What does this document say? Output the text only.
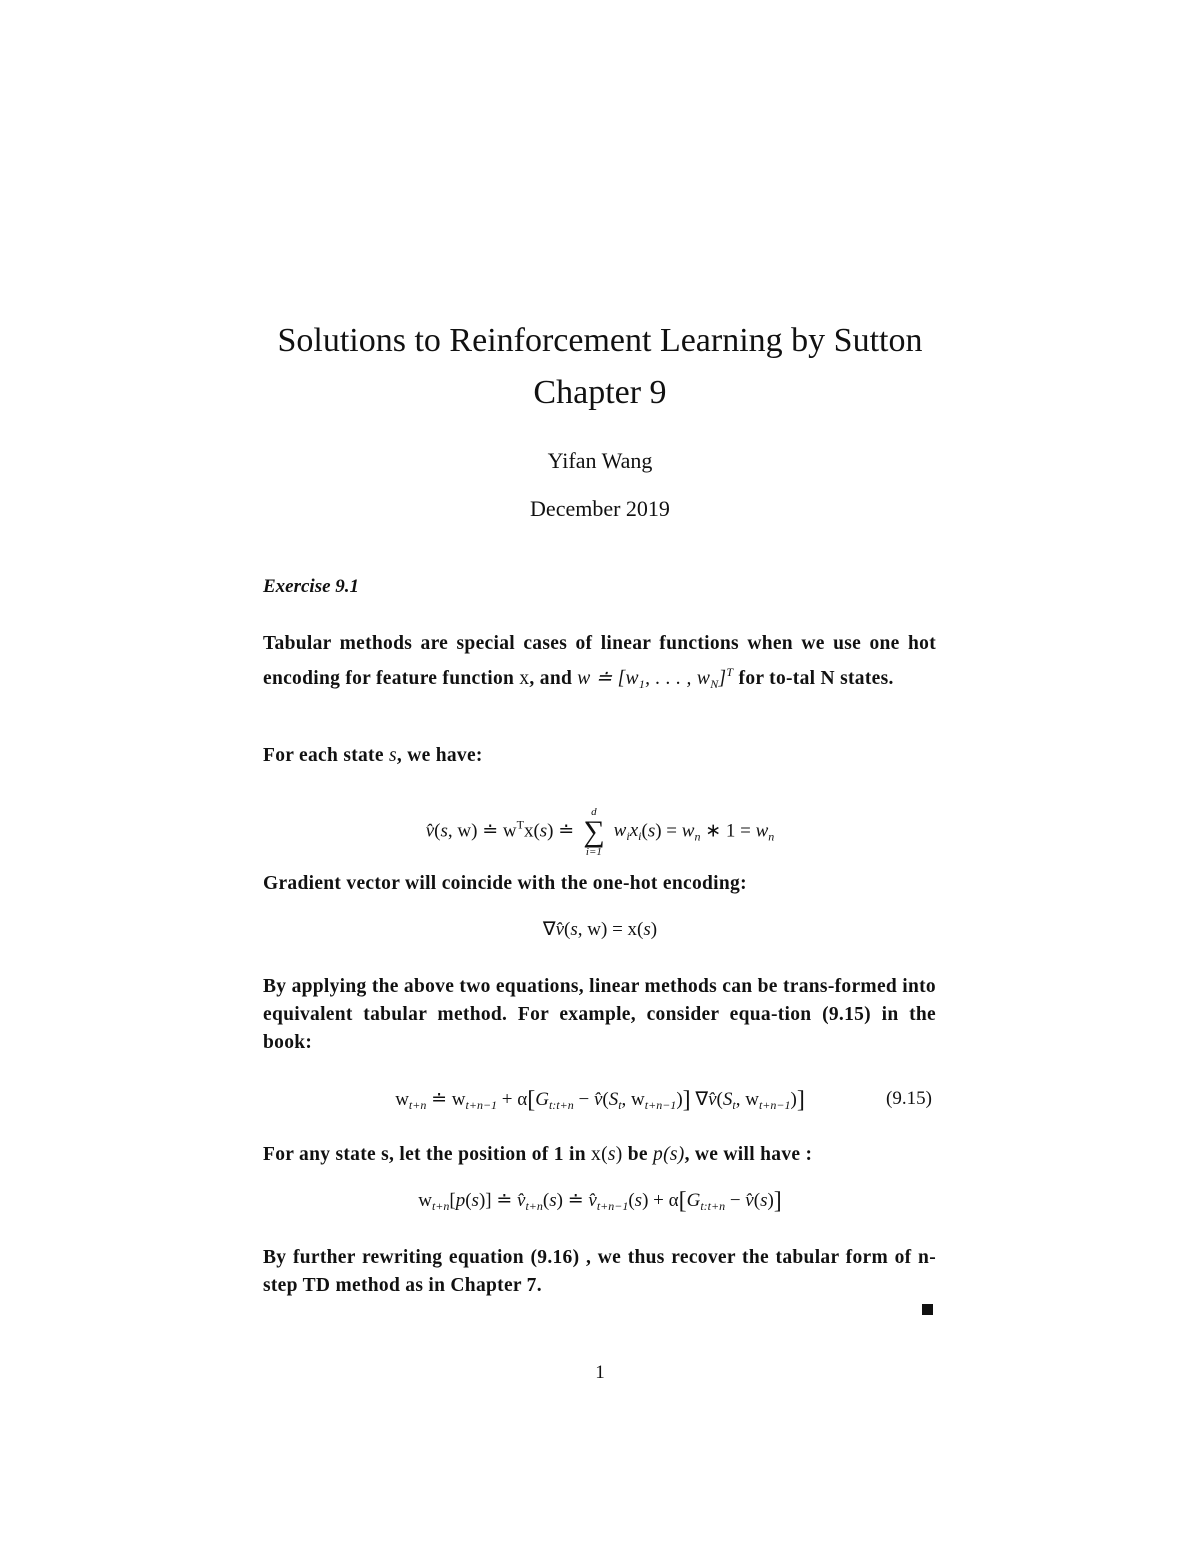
Solutions to Reinforcement Learning by Sutton
Chapter 9
Yifan Wang
December 2019
Exercise 9.1
Tabular methods are special cases of linear functions when we use one hot encoding for feature function x, and w ≐ [$w_1$, . . . , $w_N]^T$ for to-tal N states.
For each state s, we have:
v̂(s, w) ≐ $w^Tx(s)$ ≐
d
∑
i=1
$w_ix_i(s) = w_n$ ∗ $1 = w_n$
Gradient vector will coincide with the one-hot encoding:
∇v̂(s, w) = x(s)
By applying the above two equations, linear methods can be trans-formed into equivalent tabular method. For example, consider equa-tion (9.15) in the book:
$w_{t+n}$ ≐ $w_{t+n-1} + \alpha[G_{t:t+n}$ − $v̂(S_t$, $w_{t+n-1}$)] $\nabla v̂(S_t$, $w_{t+n-1}$)]	(9.15)
For any state s, let the position of 1 in x(s) be p(s), we will have :
$w_{t+n}[p(s)]$ ≐ $v̂_{t+n}(s)$ ≐ $v̂_{t+n-1}(s) + \alpha[G_{t:t+n}$ − v̂(s)]
By further rewriting equation (9.16) , we thus recover the tabular form of n-step TD method as in Chapter 7.
1
